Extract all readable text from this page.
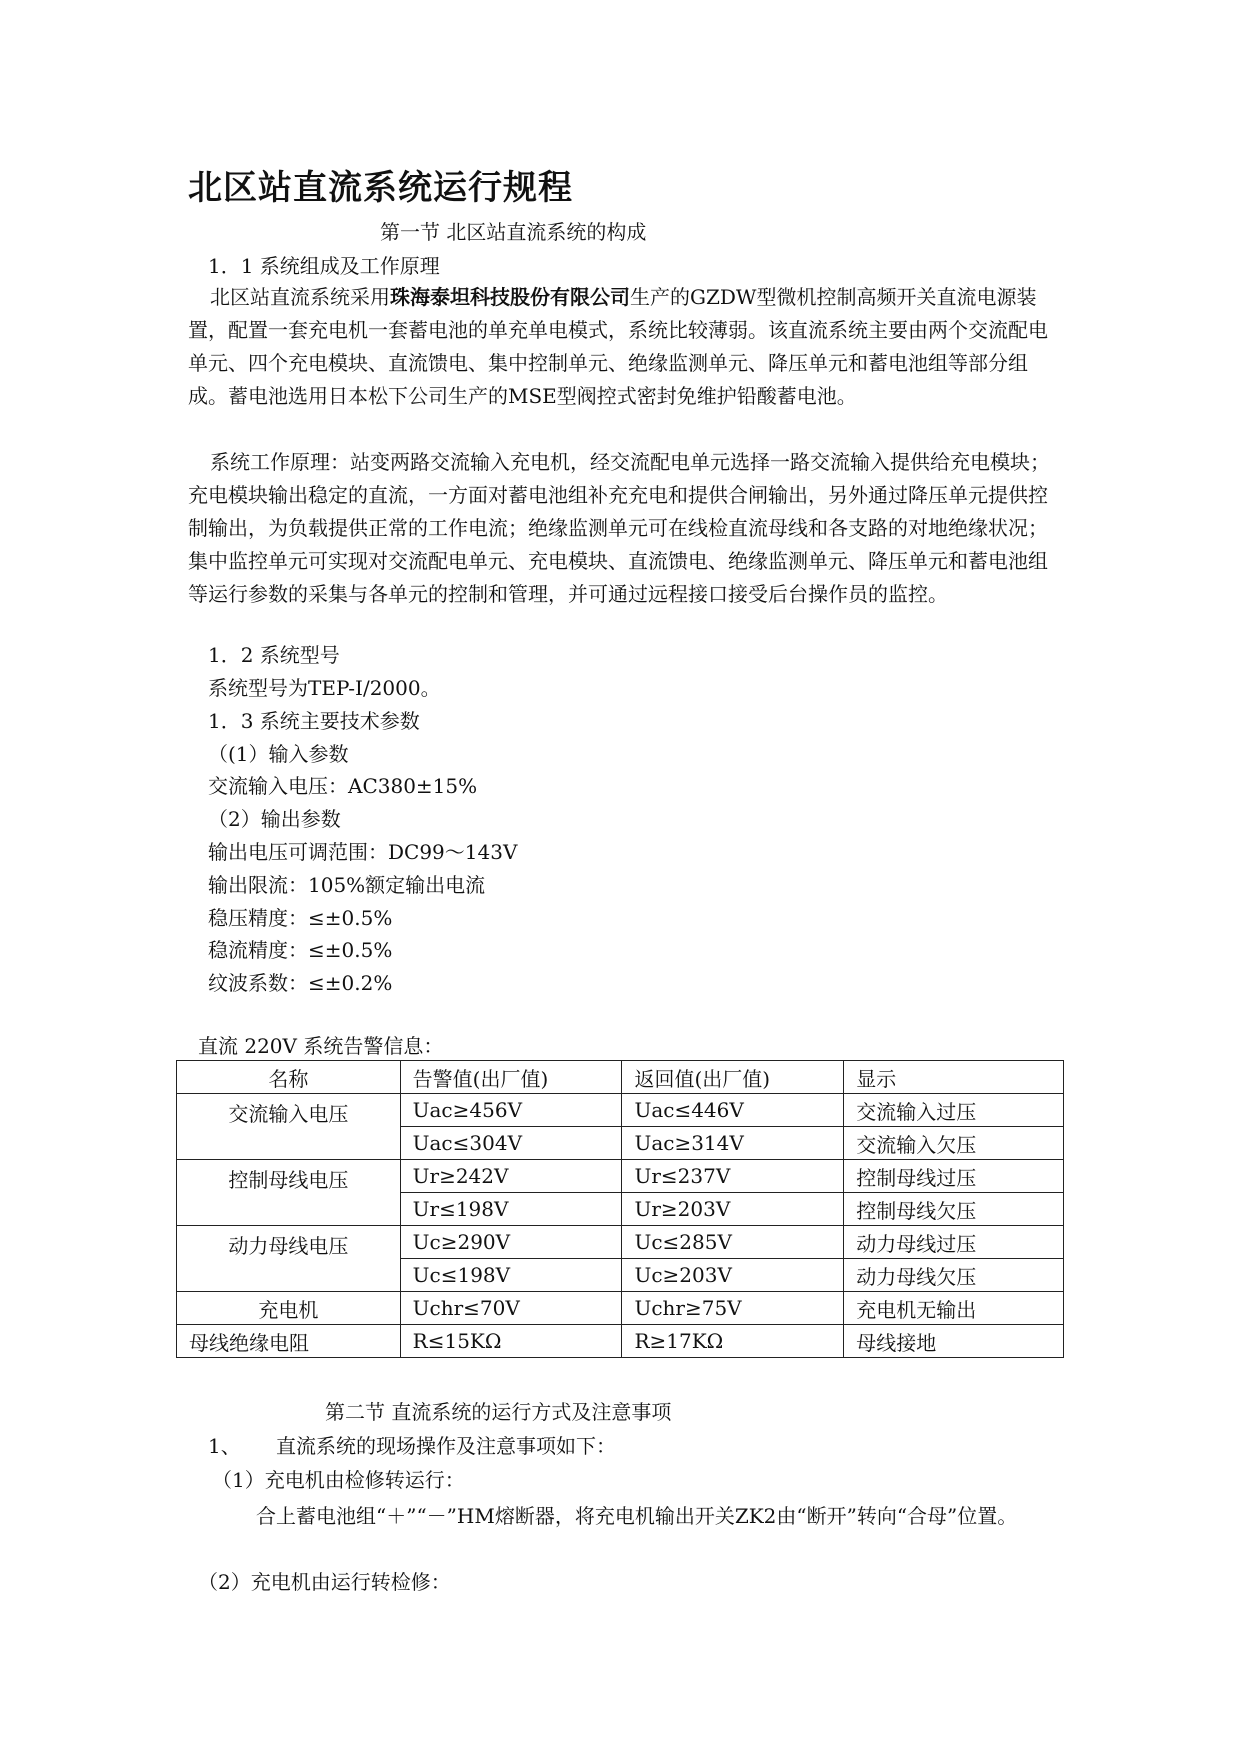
北区站直流系统运行规程
第一节 北区站直流系统的构成
1．1 系统组成及工作原理

北区站直流系统采用珠海泰坦科技股份有限公司生产的GZDW型微机控制高频开关直流电源装置，配置一套充电机一套蓄电池的单充单电模式，系统比较薄弱。该直流系统主要由两个交流配电单元、四个充电模块、直流馈电、集中控制单元、绝缘监测单元、降压单元和蓄电池组等部分组成。蓄电池选用日本松下公司生产的MSE型阀控式密封免维护铅酸蓄电池。

系统工作原理：站变两路交流输入充电机，经交流配电单元选择一路交流输入提供给充电模块；充电模块输出稳定的直流，一方面对蓄电池组补充充电和提供合闸输出，另外通过降压单元提供控制输出，为负载提供正常的工作电流；绝缘监测单元可在线检直流母线和各支路的对地绝缘状况；集中监控单元可实现对交流配电单元、充电模块、直流馈电、绝缘监测单元、降压单元和蓄电池组等运行参数的采集与各单元的控制和管理，并可通过远程接口接受后台操作员的监控。

1．2 系统型号
系统型号为TEP-I/2000。
1．3 系统主要技术参数
（(1）输入参数
交流输入电压：AC380±15%
（2）输出参数
输出电压可调范围：DC99～143V
输出限流：105%额定输出电流
稳压精度：≤±0.5%
稳流精度：≤±0.5%
纹波系数：≤±0.2%
直流 220V 系统告警信息：
名称	告警值(出厂值)	返回值(出厂值)	显示
交流输入电压	Uac≥456V	Uac≤446V	交流输入过压
	Uac≤304V	Uac≥314V	交流输入欠压
控制母线电压	Ur≥242V	Ur≤237V	控制母线过压
	Ur≤198V	Ur≥203V	控制母线欠压
动力母线电压	Uc≥290V	Uc≤285V	动力母线过压
	Uc≤198V	Uc≥203V	动力母线欠压
充电机	Uchr≤70V	Uchr≥75V	充电机无输出
母线绝缘电阻	R≤15KΩ	R≥17KΩ	母线接地
第二节 直流系统的运行方式及注意事项
1、 直流系统的现场操作及注意事项如下：
（1）充电机由检修转运行：

合上蓄电池组“＋”“－”HM熔断器，将充电机输出开关ZK2由“断开”转向“合母”位置。

（2）充电机由运行转检修：
